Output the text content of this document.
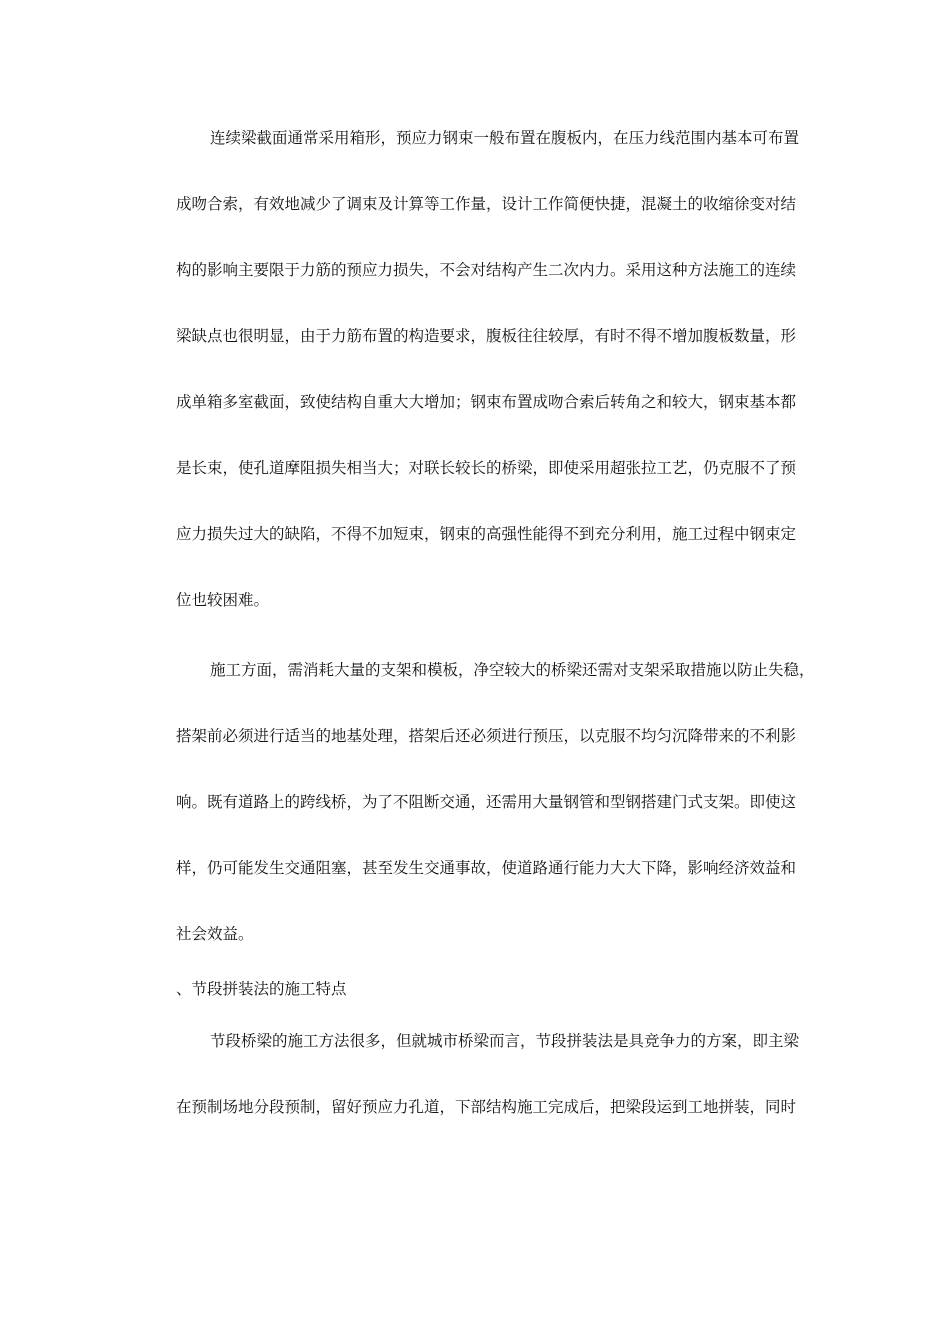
连续梁截面通常采用箱形，预应力钢束一般布置在腹板内，在压力线范围内基本可布置
成吻合索，有效地减少了调束及计算等工作量，设计工作简便快捷，混凝土的收缩徐变对结
构的影响主要限于力筋的预应力损失，不会对结构产生二次内力。采用这种方法施工的连续
梁缺点也很明显，由于力筋布置的构造要求，腹板往往较厚，有时不得不增加腹板数量，形
成单箱多室截面，致使结构自重大大增加；钢束布置成吻合索后转角之和较大，钢束基本都
是长束，使孔道摩阻损失相当大；对联长较长的桥梁，即使采用超张拉工艺，仍克服不了预
应力损失过大的缺陷，不得不加短束，钢束的高强性能得不到充分利用，施工过程中钢束定
位也较困难。
施工方面，需消耗大量的支架和模板，净空较大的桥梁还需对支架采取措施以防止失稳，
搭架前必须进行适当的地基处理，搭架后还必须进行预压，以克服不均匀沉降带来的不利影
响。既有道路上的跨线桥，为了不阻断交通，还需用大量钢管和型钢搭建门式支架。即使这
样，仍可能发生交通阻塞，甚至发生交通事故，使道路通行能力大大下降，影响经济效益和
社会效益。
、节段拼装法的施工特点
节段桥梁的施工方法很多，但就城市桥梁而言，节段拼装法是具竞争力的方案，即主梁
在预制场地分段预制，留好预应力孔道，下部结构施工完成后，把梁段运到工地拼装，同时
